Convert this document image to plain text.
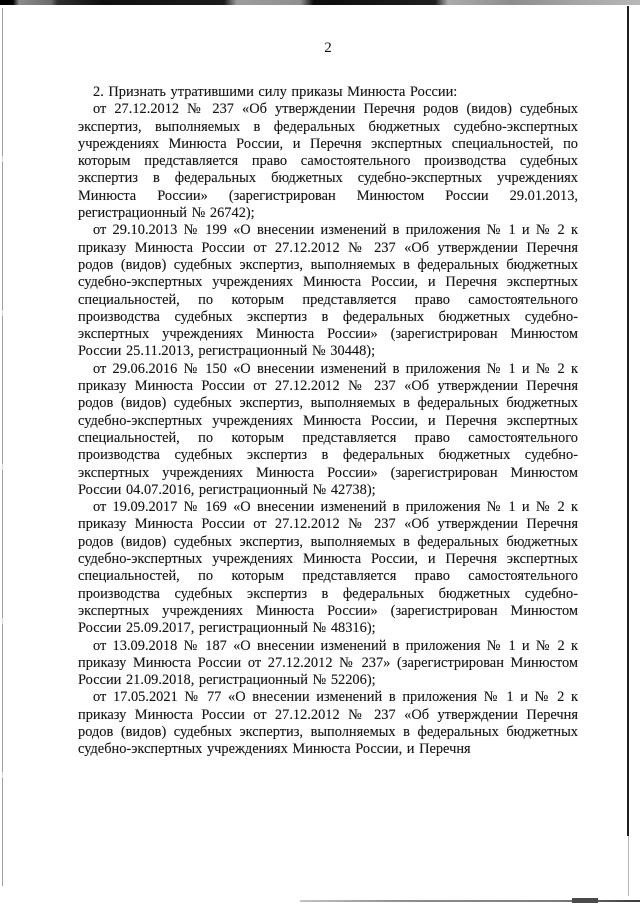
2

2. Признать утратившими силу приказы Минюста России:

от 27.12.2012 № 237 «Об утверждении Перечня родов (видов) судебных экспертиз, выполняемых в федеральных бюджетных судебно-экспертных учреждениях Минюста России, и Перечня экспертных специальностей, по которым представляется право самостоятельного производства судебных экспертиз в федеральных бюджетных судебно-экспертных учреждениях Минюста России» (зарегистрирован Минюстом России 29.01.2013, регистрационный № 26742);

от 29.10.2013 № 199 «О внесении изменений в приложения № 1 и № 2 к приказу Минюста России от 27.12.2012 № 237 «Об утверждении Перечня родов (видов) судебных экспертиз, выполняемых в федеральных бюджетных судебно-экспертных учреждениях Минюста России, и Перечня экспертных специальностей, по которым представляется право самостоятельного производства судебных экспертиз в федеральных бюджетных судебно-экспертных учреждениях Минюста России» (зарегистрирован Минюстом России 25.11.2013, регистрационный № 30448);

от 29.06.2016 № 150 «О внесении изменений в приложения № 1 и № 2 к приказу Минюста России от 27.12.2012 № 237 «Об утверждении Перечня родов (видов) судебных экспертиз, выполняемых в федеральных бюджетных судебно-экспертных учреждениях Минюста России, и Перечня экспертных специальностей, по которым представляется право самостоятельного производства судебных экспертиз в федеральных бюджетных судебно-экспертных учреждениях Минюста России» (зарегистрирован Минюстом России 04.07.2016, регистрационный № 42738);

от 19.09.2017 № 169 «О внесении изменений в приложения № 1 и № 2 к приказу Минюста России от 27.12.2012 № 237 «Об утверждении Перечня родов (видов) судебных экспертиз, выполняемых в федеральных бюджетных судебно-экспертных учреждениях Минюста России, и Перечня экспертных специальностей, по которым представляется право самостоятельного производства судебных экспертиз в федеральных бюджетных судебно-экспертных учреждениях Минюста России» (зарегистрирован Минюстом России 25.09.2017, регистрационный № 48316);

от 13.09.2018 № 187 «О внесении изменений в приложения № 1 и № 2 к приказу Минюста России от 27.12.2012 № 237» (зарегистрирован Минюстом России 21.09.2018, регистрационный № 52206);

от 17.05.2021 № 77 «О внесении изменений в приложения № 1 и № 2 к приказу Минюста России от 27.12.2012 № 237 «Об утверждении Перечня родов (видов) судебных экспертиз, выполняемых в федеральных бюджетных судебно-экспертных учреждениях Минюста России, и Перечня
